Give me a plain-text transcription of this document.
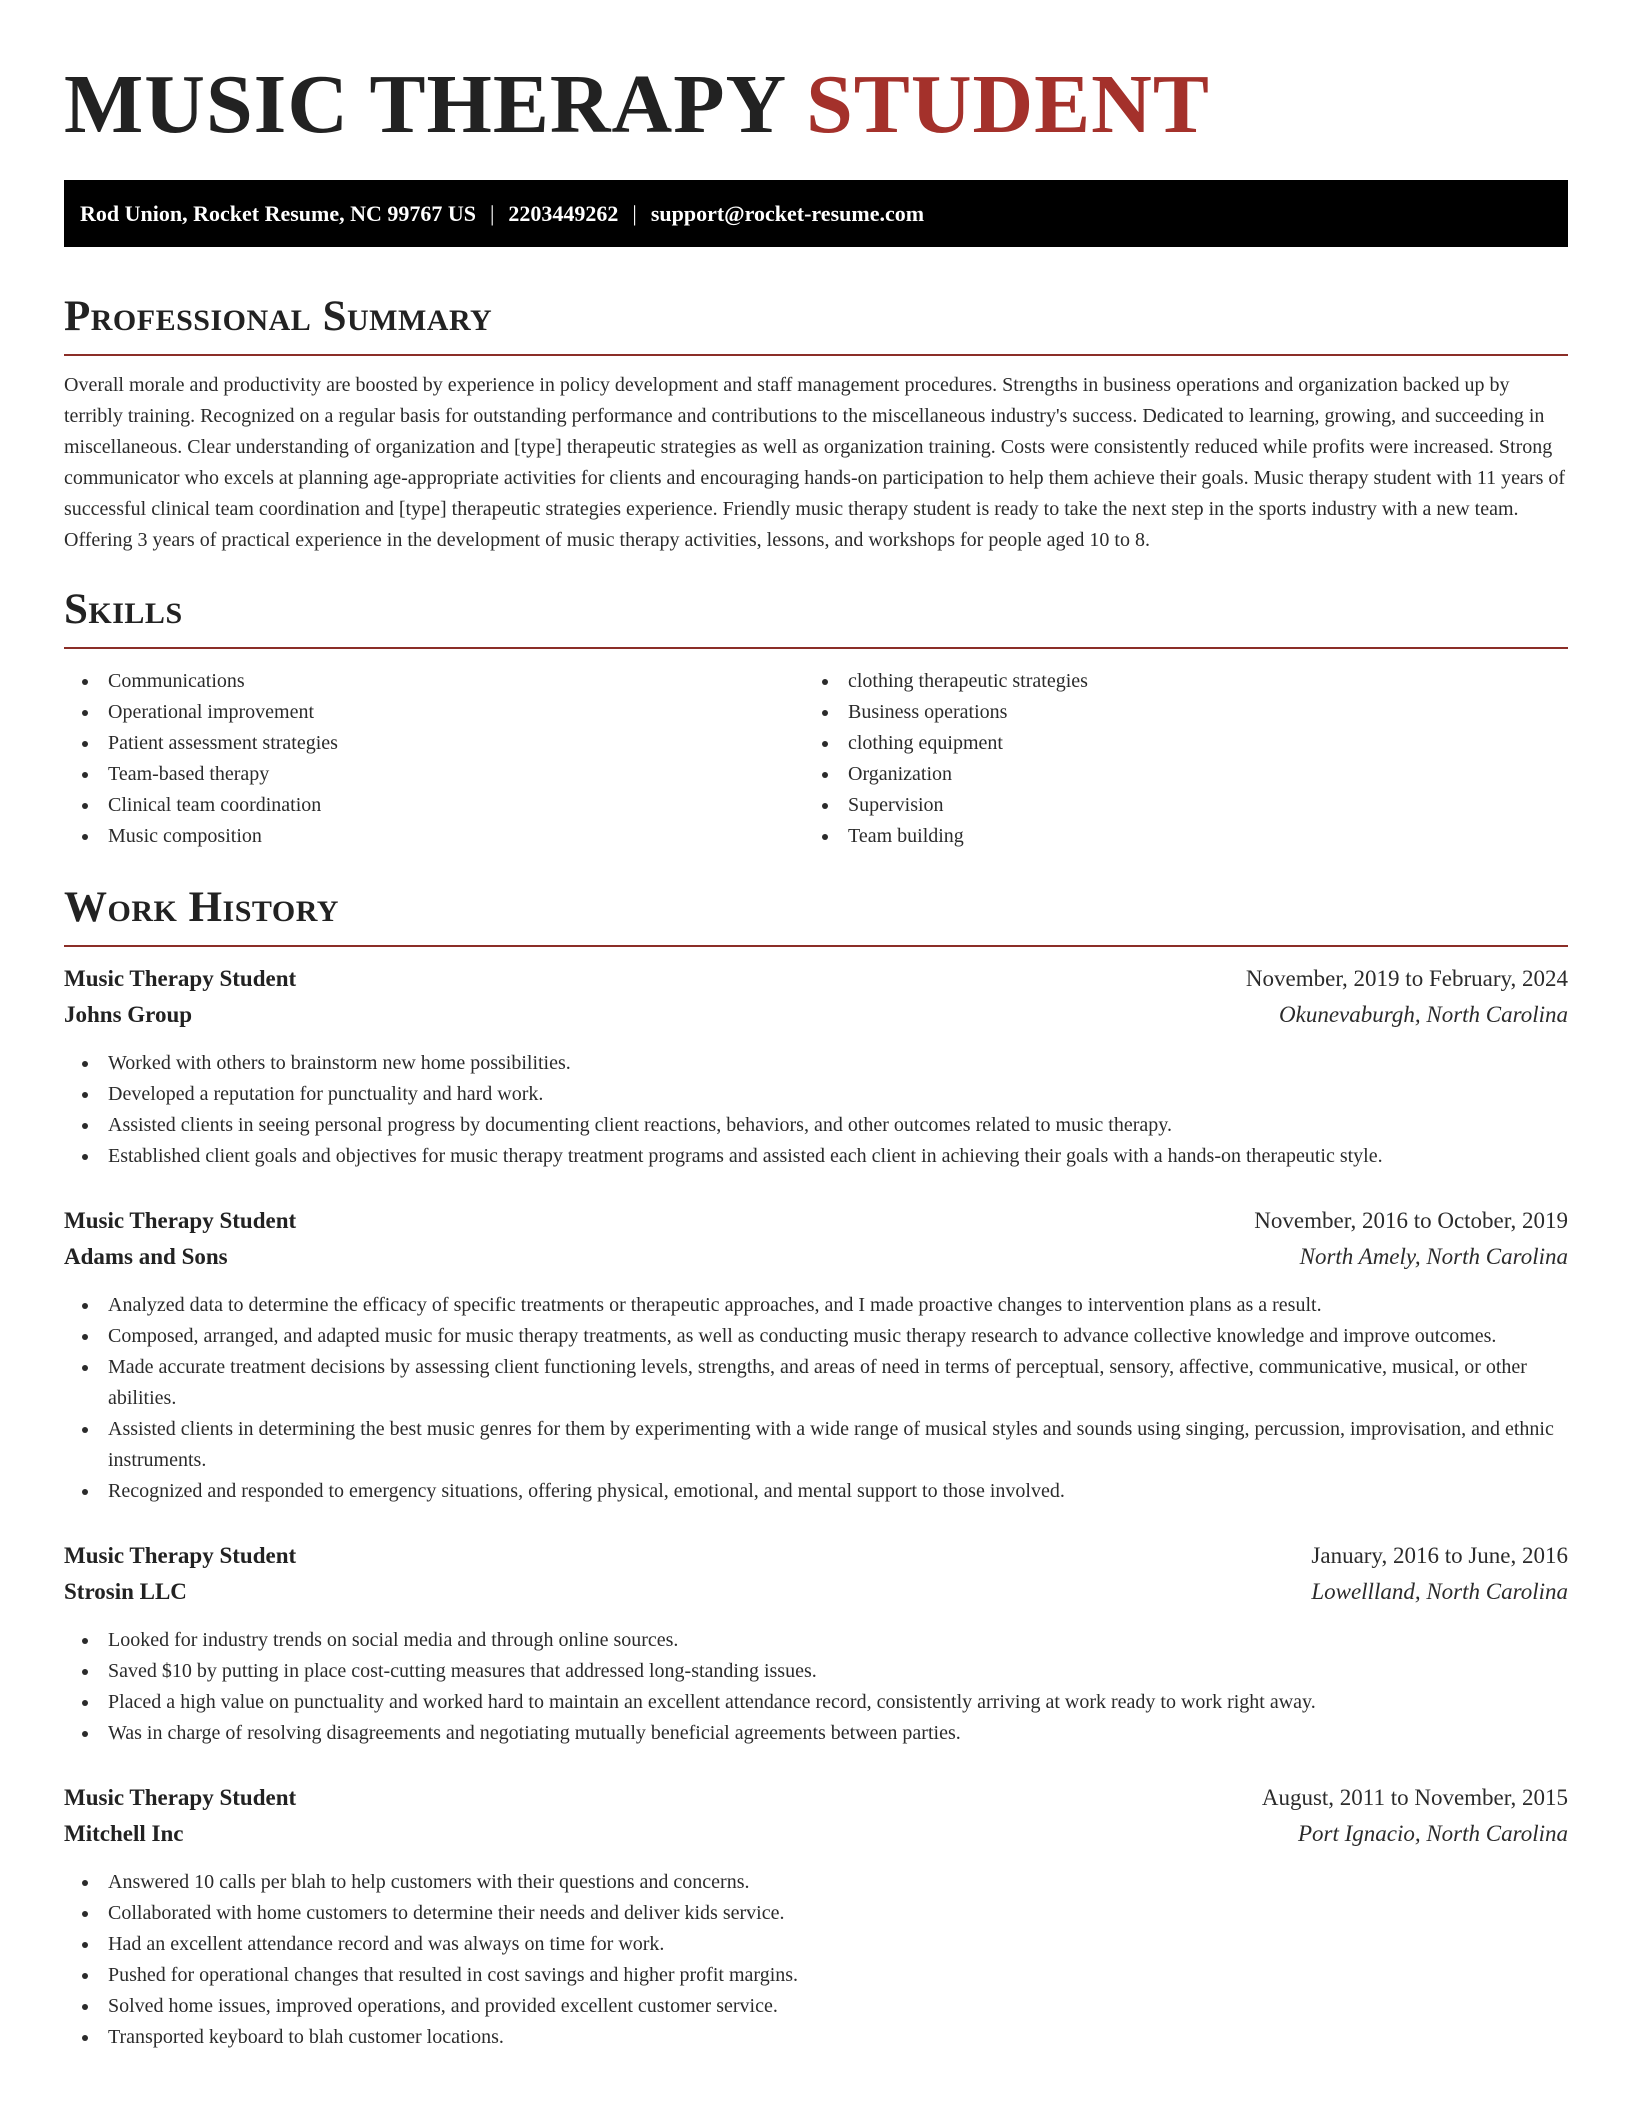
MUSIC THERAPY STUDENT
Rod Union, Rocket Resume, NC 99767 US | 2203449262 | support@rocket-resume.com
Professional Summary

Overall morale and productivity are boosted by experience in policy development and staff management procedures. Strengths in business operations and organization backed up by terribly training. Recognized on a regular basis for outstanding performance and contributions to the miscellaneous industry's success. Dedicated to learning, growing, and succeeding in miscellaneous. Clear understanding of organization and [type] therapeutic strategies as well as organization training. Costs were consistently reduced while profits were increased. Strong communicator who excels at planning age-appropriate activities for clients and encouraging hands-on participation to help them achieve their goals. Music therapy student with 11 years of successful clinical team coordination and [type] therapeutic strategies experience. Friendly music therapy student is ready to take the next step in the sports industry with a new team. Offering 3 years of practical experience in the development of music therapy activities, lessons, and workshops for people aged 10 to 8.

Skills
Communications
Operational improvement
Patient assessment strategies
Team-based therapy
Clinical team coordination
Music composition
clothing therapeutic strategies
Business operations
clothing equipment
Organization
Supervision
Team building
Work History
Music Therapy Student	November, 2019 to February, 2024
Johns Group	Okunevaburgh, North Carolina
Worked with others to brainstorm new home possibilities.
Developed a reputation for punctuality and hard work.
Assisted clients in seeing personal progress by documenting client reactions, behaviors, and other outcomes related to music therapy.
Established client goals and objectives for music therapy treatment programs and assisted each client in achieving their goals with a hands-on therapeutic style.
Music Therapy Student	November, 2016 to October, 2019
Adams and Sons	North Amely, North Carolina
Analyzed data to determine the efficacy of specific treatments or therapeutic approaches, and I made proactive changes to intervention plans as a result.
Composed, arranged, and adapted music for music therapy treatments, as well as conducting music therapy research to advance collective knowledge and improve outcomes.
Made accurate treatment decisions by assessing client functioning levels, strengths, and areas of need in terms of perceptual, sensory, affective, communicative, musical, or other abilities.
Assisted clients in determining the best music genres for them by experimenting with a wide range of musical styles and sounds using singing, percussion, improvisation, and ethnic instruments.
Recognized and responded to emergency situations, offering physical, emotional, and mental support to those involved.
Music Therapy Student	January, 2016 to June, 2016
Strosin LLC	Lowellland, North Carolina
Looked for industry trends on social media and through online sources.
Saved $10 by putting in place cost-cutting measures that addressed long-standing issues.
Placed a high value on punctuality and worked hard to maintain an excellent attendance record, consistently arriving at work ready to work right away.
Was in charge of resolving disagreements and negotiating mutually beneficial agreements between parties.
Music Therapy Student	August, 2011 to November, 2015
Mitchell Inc	Port Ignacio, North Carolina
Answered 10 calls per blah to help customers with their questions and concerns.
Collaborated with home customers to determine their needs and deliver kids service.
Had an excellent attendance record and was always on time for work.
Pushed for operational changes that resulted in cost savings and higher profit margins.
Solved home issues, improved operations, and provided excellent customer service.
Transported keyboard to blah customer locations.
